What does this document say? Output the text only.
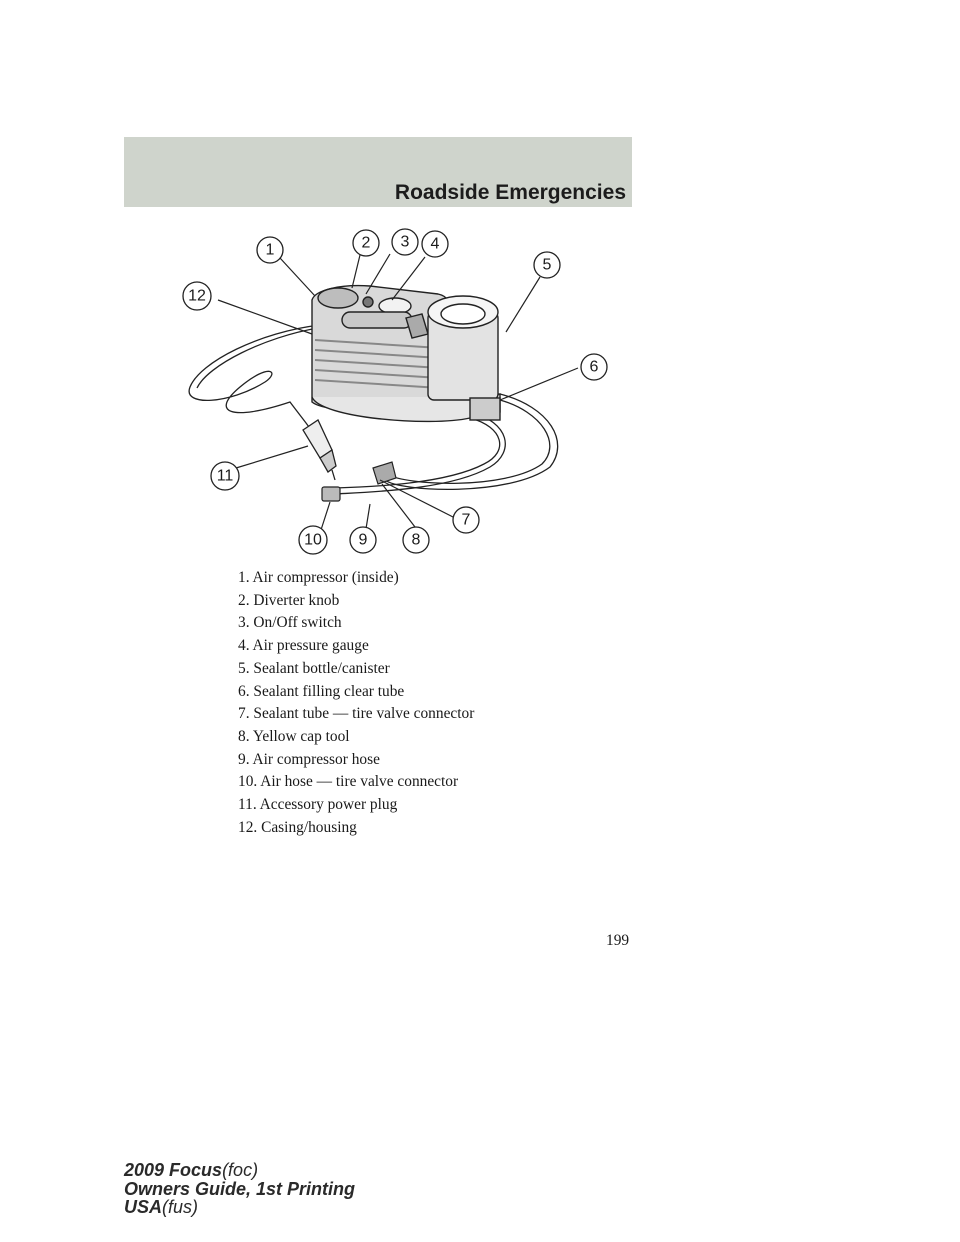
Roadside Emergencies
1	2 3 4
5
6
7
8
9
10
11
12
1. Air compressor (inside)
2. Diverter knob
3. On/Off switch
4. Air pressure gauge
5. Sealant bottle/canister
6. Sealant filling clear tube
7. Sealant tube — tire valve connector
8. Yellow cap tool
9. Air compressor hose
10. Air hose — tire valve connector
11. Accessory power plug
12. Casing/housing
199
2009 Focus(foc)
Owners Guide, 1st Printing
USA(fus)
